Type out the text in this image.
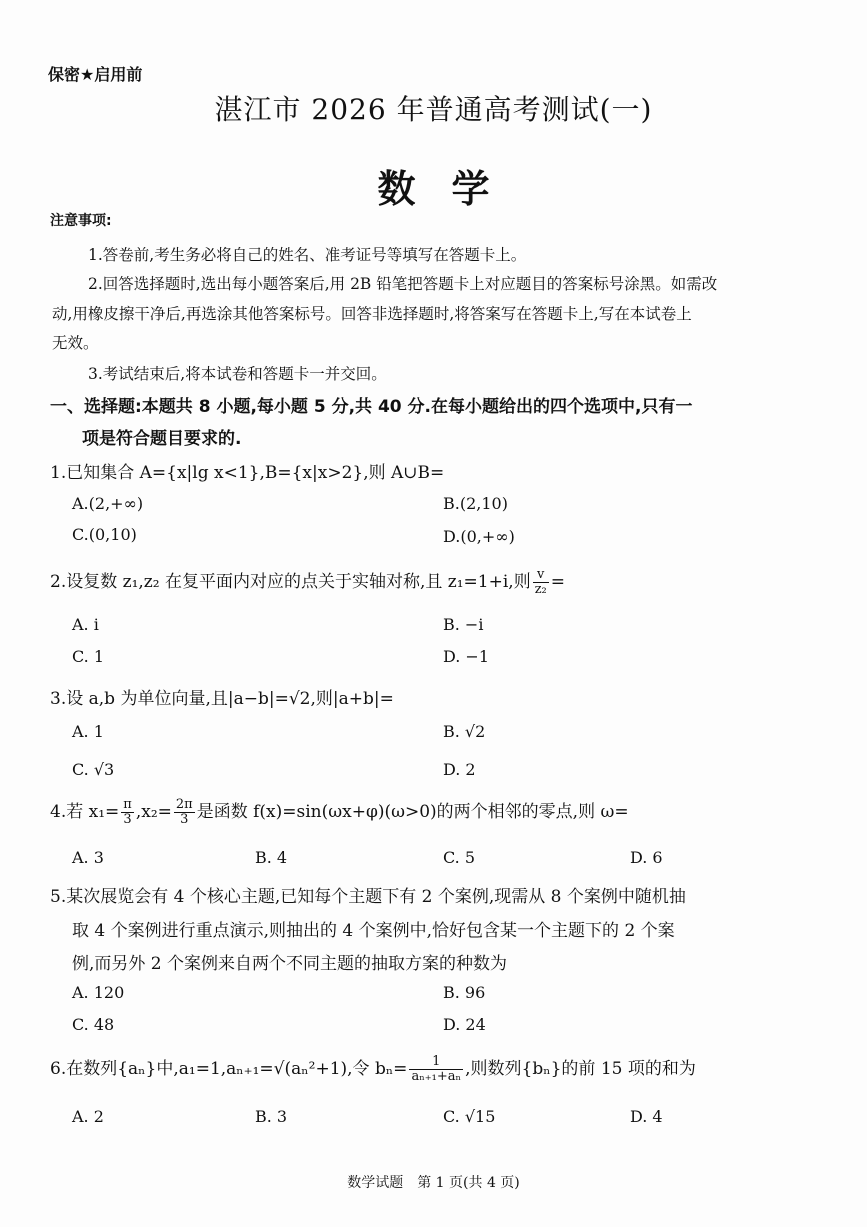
保密★启用前
湛江市 2026 年普通高考测试(一)
数学
注意事项:
1.答卷前,考生务必将自己的姓名、准考证号等填写在答题卡上。
2.回答选择题时,选出每小题答案后,用 2B 铅笔把答题卡上对应题目的答案标号涂黑。如需改
动,用橡皮擦干净后,再选涂其他答案标号。回答非选择题时,将答案写在答题卡上,写在本试卷上
无效。
3.考试结束后,将本试卷和答题卡一并交回。
一、选择题:本题共 8 小题,每小题 5 分,共 40 分.在每小题给出的四个选项中,只有一
项是符合题目要求的.
1.已知集合 A={x|lg x<1},B={x|x>2},则 A∪B=
A.(2,+∞)	B.(2,10)
C.(0,10)	D.(0,+∞)
2.设复数 z₁,z₂ 在复平面内对应的点关于实轴对称,且 z₁=1+i,则 $\frac{v}{\text{z₂}}$ =
A. i	B. −i
C. 1	D. −1
3.设 a,b 为单位向量,且|a−b|=√2,则|a+b|=
A. 1	B. √2
C. √3	D. 2
4.若 $x_1= \frac{\pi}{3} ,x_2= \frac{2\pi}{3}$ 是函数 f(x)=sin(ωx+φ)(ω>0)的两个相邻的零点,则 ω=
A. 3	B. 4	C. 5	D. 6
5.某次展览会有 4 个核心主题,已知每个主题下有 2 个案例,现需从 8 个案例中随机抽
取 4 个案例进行重点演示,则抽出的 4 个案例中,恰好包含某一个主题下的 2 个案
例,而另外 2 个案例来自两个不同主题的抽取方案的种数为
A. 120	B. 96
C. 48	D. 24
6.在数列{aₙ}中,a₁=1,aₙ₊₁=√(aₙ²+1),令 $b_n= \frac{1}{\text{aₙ₊₁+aₙ}}$ ,则数列{bₙ}的前 15 项的和为
A. 2	B. 3	C. √15	D. 4
数学试题　第 1 页(共 4 页)
